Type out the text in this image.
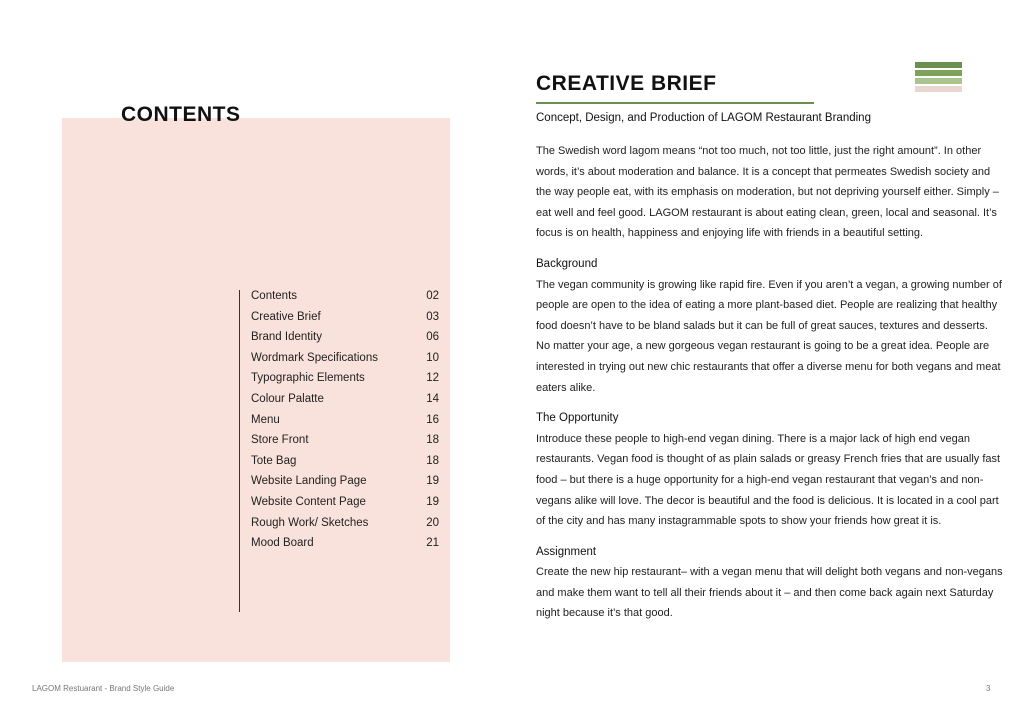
CONTENTS
Contents	02
Creative Brief	03
Brand Identity	06
Wordmark Specifications	10
Typographic Elements	12
Colour Palatte	14
Menu	16
Store Front	18
Tote Bag	18
Website Landing Page	19
Website Content Page	19
Rough Work/ Sketches	20
Mood Board	21
CREATIVE BRIEF

Concept, Design, and Production of LAGOM Restaurant Branding

The Swedish word lagom means “not too much, not too little, just the right amount”. In other words, it’s about moderation and balance. It is a concept that permeates Swedish society and the way people eat, with its emphasis on moderation, but not depriving yourself either. Simply – eat well and feel good. LAGOM restaurant is about eating clean, green, local and seasonal. It’s focus is on health, happiness and enjoying life with friends in a beautiful setting.

Background

The vegan community is growing like rapid fire. Even if you aren’t a vegan, a growing number of people are open to the idea of eating a more plant-based diet. People are realizing that healthy food doesn’t have to be bland salads but it can be full of great sauces, textures and desserts. No matter your age, a new gorgeous vegan restaurant is going to be a great idea. People are interested in trying out new chic restaurants that offer a diverse menu for both vegans and meat eaters alike.

The Opportunity

Introduce these people to high-end vegan dining. There is a major lack of high end vegan restaurants. Vegan food is thought of as plain salads or greasy French fries that are usually fast food – but there is a huge opportunity for a high-end vegan restaurant that vegan’s and non-vegans alike will love. The decor is beautiful and the food is delicious. It is located in a cool part of the city and has many instagrammable spots to show your friends how great it is.

Assignment

Create the new hip restaurant– with a vegan menu that will delight both vegans and non-vegans and make them want to tell all their friends about it – and then come back again next Saturday night because it’s that good.

LAGOM Restuarant - Brand Style Guide	3
